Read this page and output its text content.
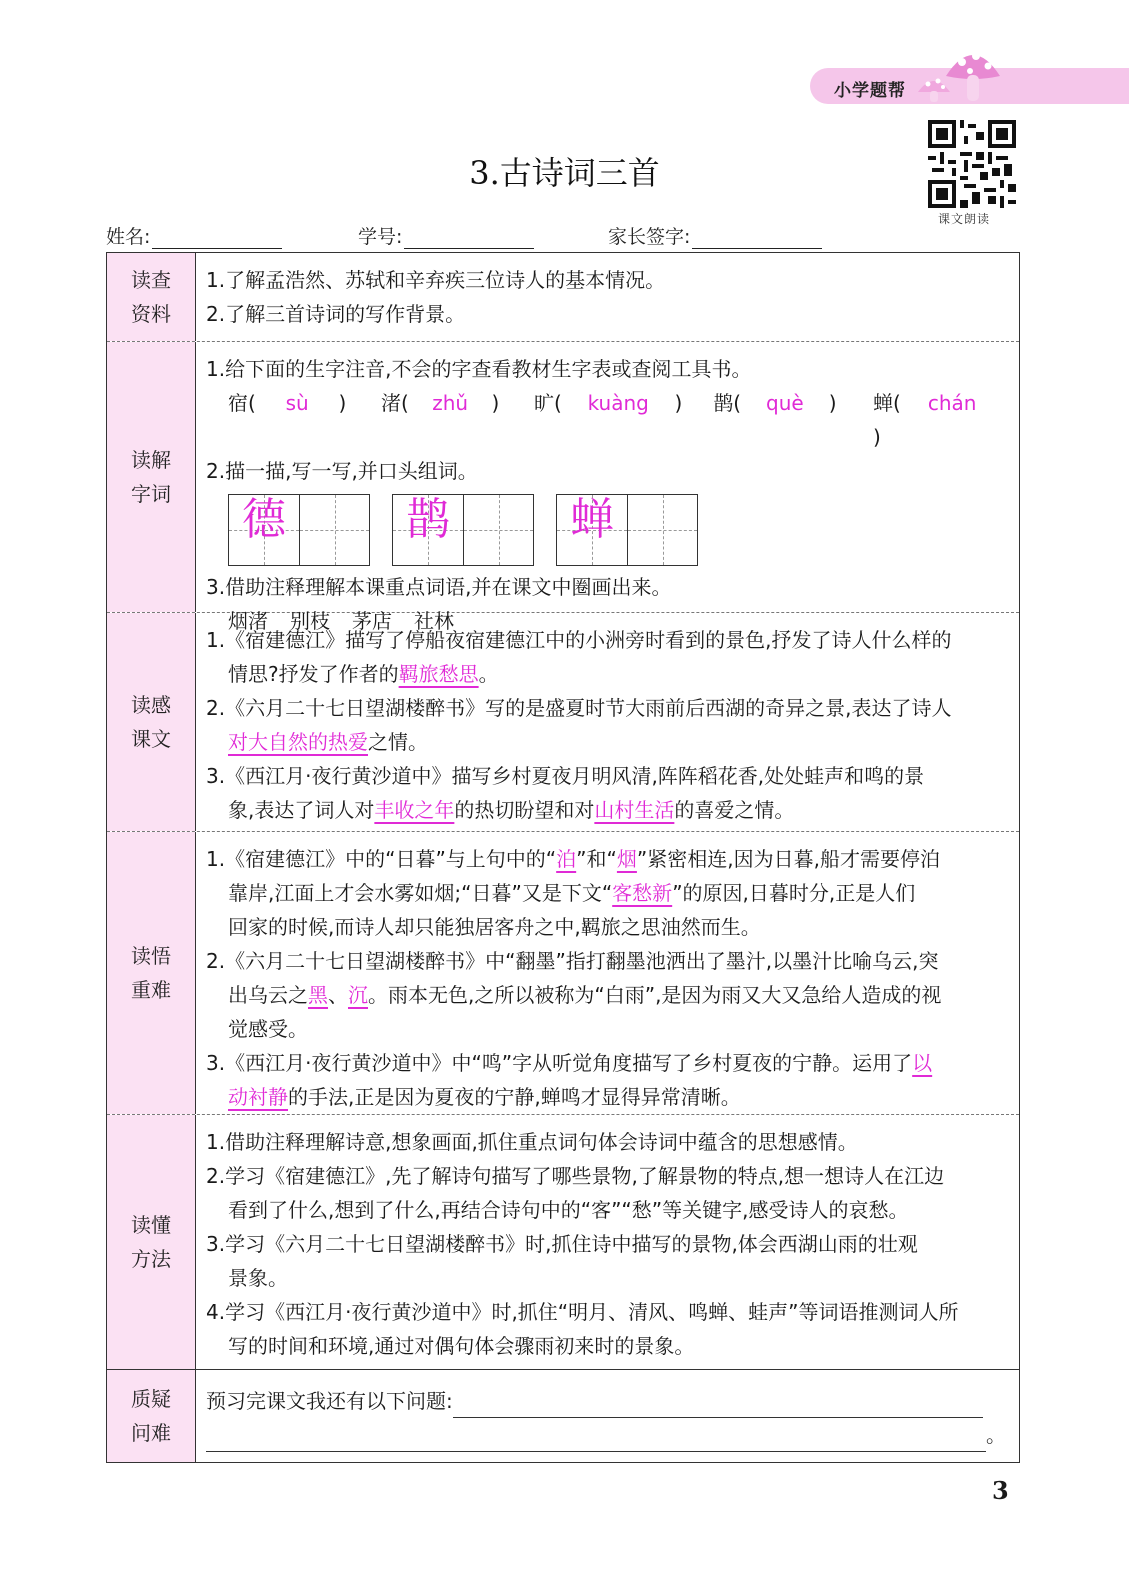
小学题帮
课文朗读
3.古诗词三首
姓名:	学号:	家长签字:
读查
资料
1.了解孟浩然、苏轼和辛弃疾三位诗人的基本情况。
2.了解三首诗词的写作背景。
读解
字词
1.给下面的生字注音,不会的字查看教材生字表或查阅工具书。
宿( sù )	渚( zhǔ )	旷( kuàng )	鹊( què )	蝉( chán )
2.描一描,写一写,并口头组词。
德	鹊	蝉
3.借助注释理解本课重点词语,并在课文中圈画出来。
烟渚 别枝 茅店 社林
读感
课文
1.《宿建德江》描写了停船夜宿建德江中的小洲旁时看到的景色,抒发了诗人什么样的
情思?抒发了作者的羁旅愁思。
2.《六月二十七日望湖楼醉书》写的是盛夏时节大雨前后西湖的奇异之景,表达了诗人
对大自然的热爱之情。
3.《西江月·夜行黄沙道中》描写乡村夏夜月明风清,阵阵稻花香,处处蛙声和鸣的景
象,表达了词人对丰收之年的热切盼望和对山村生活的喜爱之情。
读悟
重难
1.《宿建德江》中的“日暮”与上句中的“泊”和“烟”紧密相连,因为日暮,船才需要停泊
靠岸,江面上才会水雾如烟;“日暮”又是下文“客愁新”的原因,日暮时分,正是人们
回家的时候,而诗人却只能独居客舟之中,羁旅之思油然而生。
2.《六月二十七日望湖楼醉书》中“翻墨”指打翻墨池洒出了墨汁,以墨汁比喻乌云,突
出乌云之黑、沉。雨本无色,之所以被称为“白雨”,是因为雨又大又急给人造成的视
觉感受。
3.《西江月·夜行黄沙道中》中“鸣”字从听觉角度描写了乡村夏夜的宁静。运用了以
动衬静的手法,正是因为夏夜的宁静,蝉鸣才显得异常清晰。
读懂
方法
1.借助注释理解诗意,想象画面,抓住重点词句体会诗词中蕴含的思想感情。
2.学习《宿建德江》,先了解诗句描写了哪些景物,了解景物的特点,想一想诗人在江边
看到了什么,想到了什么,再结合诗句中的“客”“愁”等关键字,感受诗人的哀愁。
3.学习《六月二十七日望湖楼醉书》时,抓住诗中描写的景物,体会西湖山雨的壮观
景象。
4.学习《西江月·夜行黄沙道中》时,抓住“明月、清风、鸣蝉、蛙声”等词语推测词人所
写的时间和环境,通过对偶句体会骤雨初来时的景象。
质疑
问难
预习完课文我还有以下问题:
。
3
